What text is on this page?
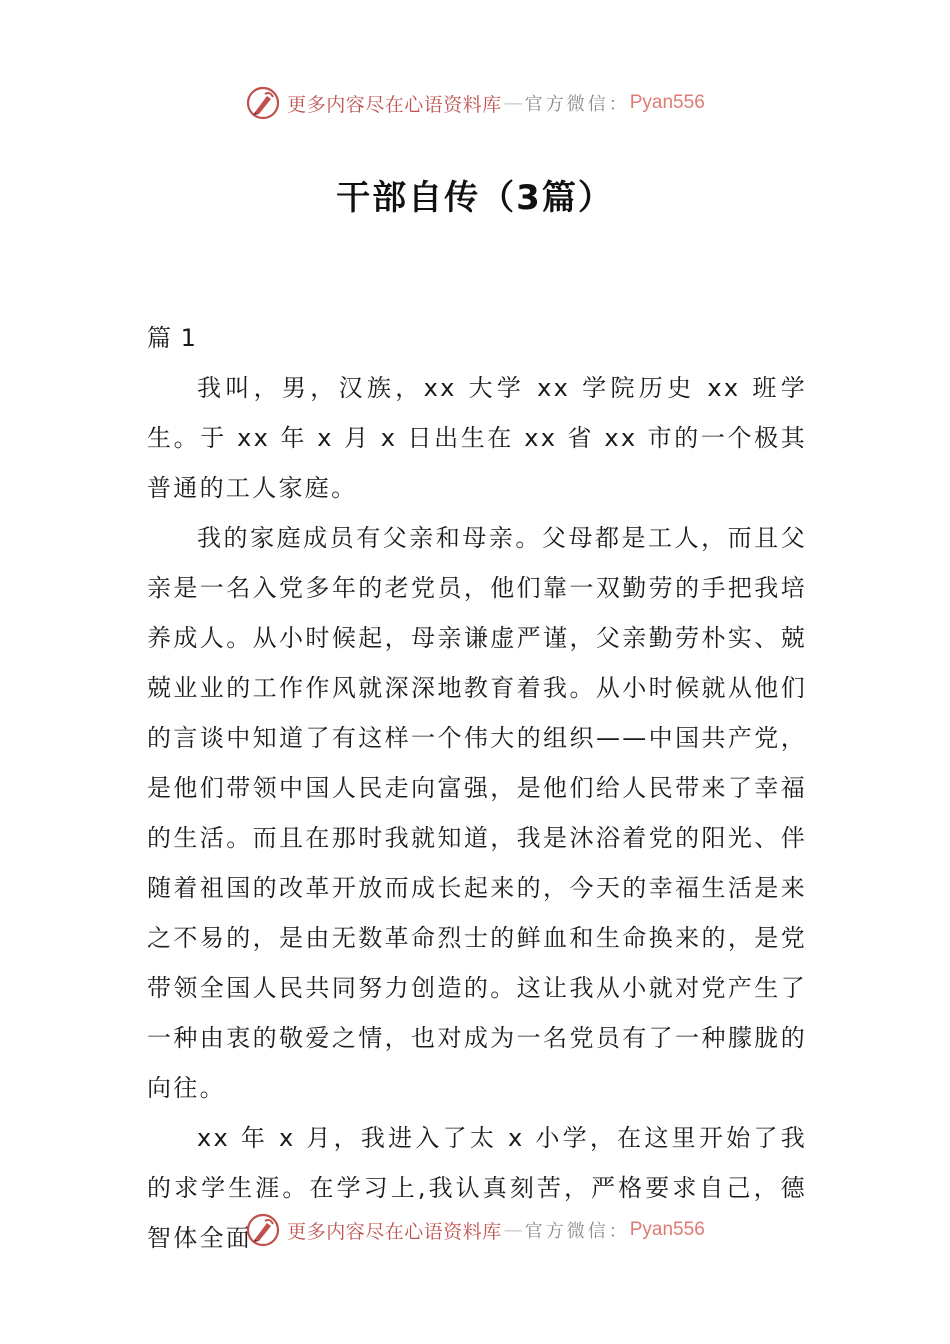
更多内容尽在心语资料库 — 官方微信： Pyan556
干部自传（3篇）

篇 1

我叫，男，汉族，xx 大学 xx 学院历史 xx 班学生。于 xx 年 x 月 x 日出生在 xx 省 xx 市的一个极其普通的工人家庭。

我的家庭成员有父亲和母亲。父母都是工人，而且父亲是一名入党多年的老党员，他们靠一双勤劳的手把我培养成人。从小时候起，母亲谦虚严谨，父亲勤劳朴实、兢兢业业的工作作风就深深地教育着我。从小时候就从他们的言谈中知道了有这样一个伟大的组织——中国共产党，是他们带领中国人民走向富强，是他们给人民带来了幸福的生活。而且在那时我就知道，我是沐浴着党的阳光、伴随着祖国的改革开放而成长起来的，今天的幸福生活是来之不易的，是由无数革命烈士的鲜血和生命换来的，是党带领全国人民共同努力创造的。这让我从小就对党产生了一种由衷的敬爱之情，也对成为一名党员有了一种朦胧的向往。

xx 年 x 月，我进入了太 x 小学，在这里开始了我的求学生涯。在学习上,我认真刻苦，严格要求自己，德智体全面	更多内容尽在心语资料库 — 官方微信： Pyan556
